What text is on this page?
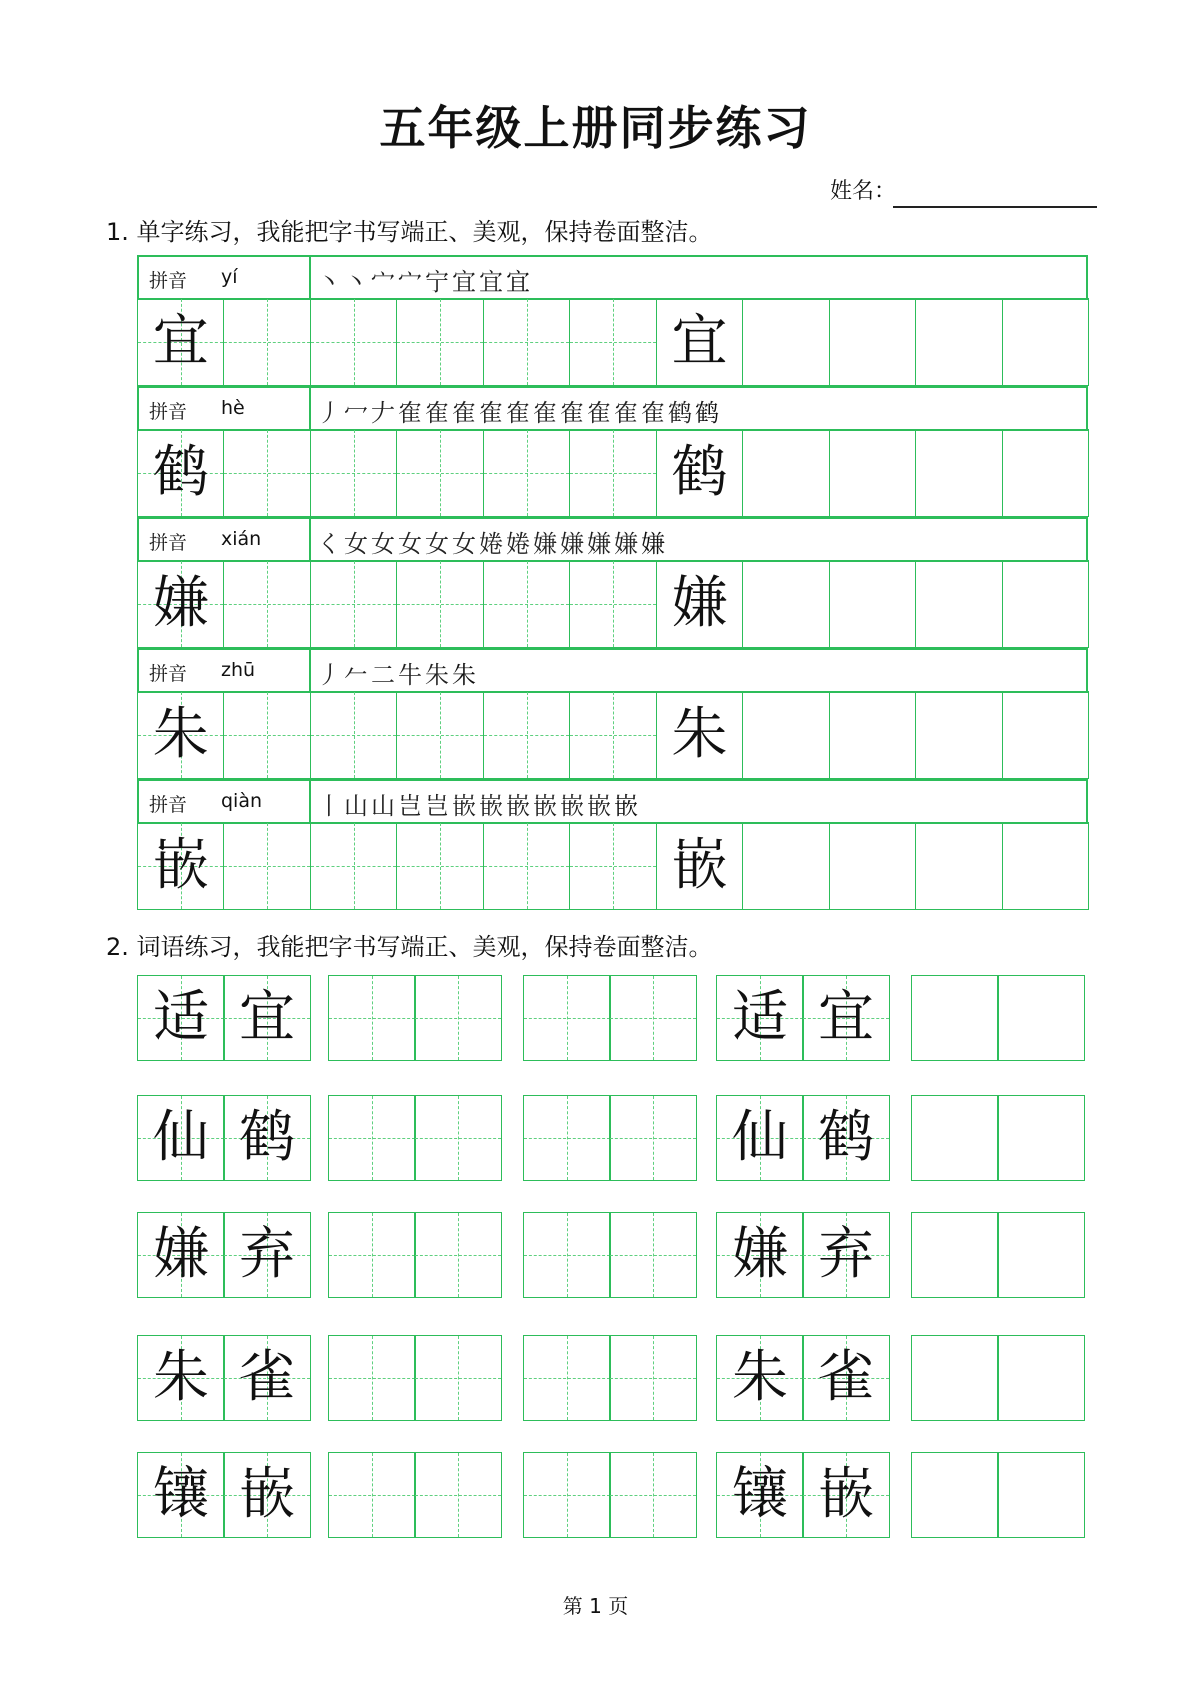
五年级上册同步练习
姓名：
1. 单字练习，我能把字书写端正、美观，保持卷面整洁。
拼音 yí	丶丶宀宀宁宜宜宜
宜	宜
拼音 hè	丿冖𠂇隺隺隺隺隺隺隺隺隺隺鹤鹤
鹤	鹤
拼音 xián く女女女女女婘婘嫌嫌嫌嫌嫌
嫌	嫌
拼音 zhū	丿𠂉二牛朱朱
朱	朱
拼音 qiàn 丨山山岂岂嵌嵌嵌嵌嵌嵌嵌
嵌	嵌
2. 词语练习，我能把字书写端正、美观，保持卷面整洁。
适 宜	适 宜
仙 鹤	仙 鹤
嫌 弃	嫌 弃
朱 雀	朱 雀
镶 嵌	镶 嵌
第 1 页
